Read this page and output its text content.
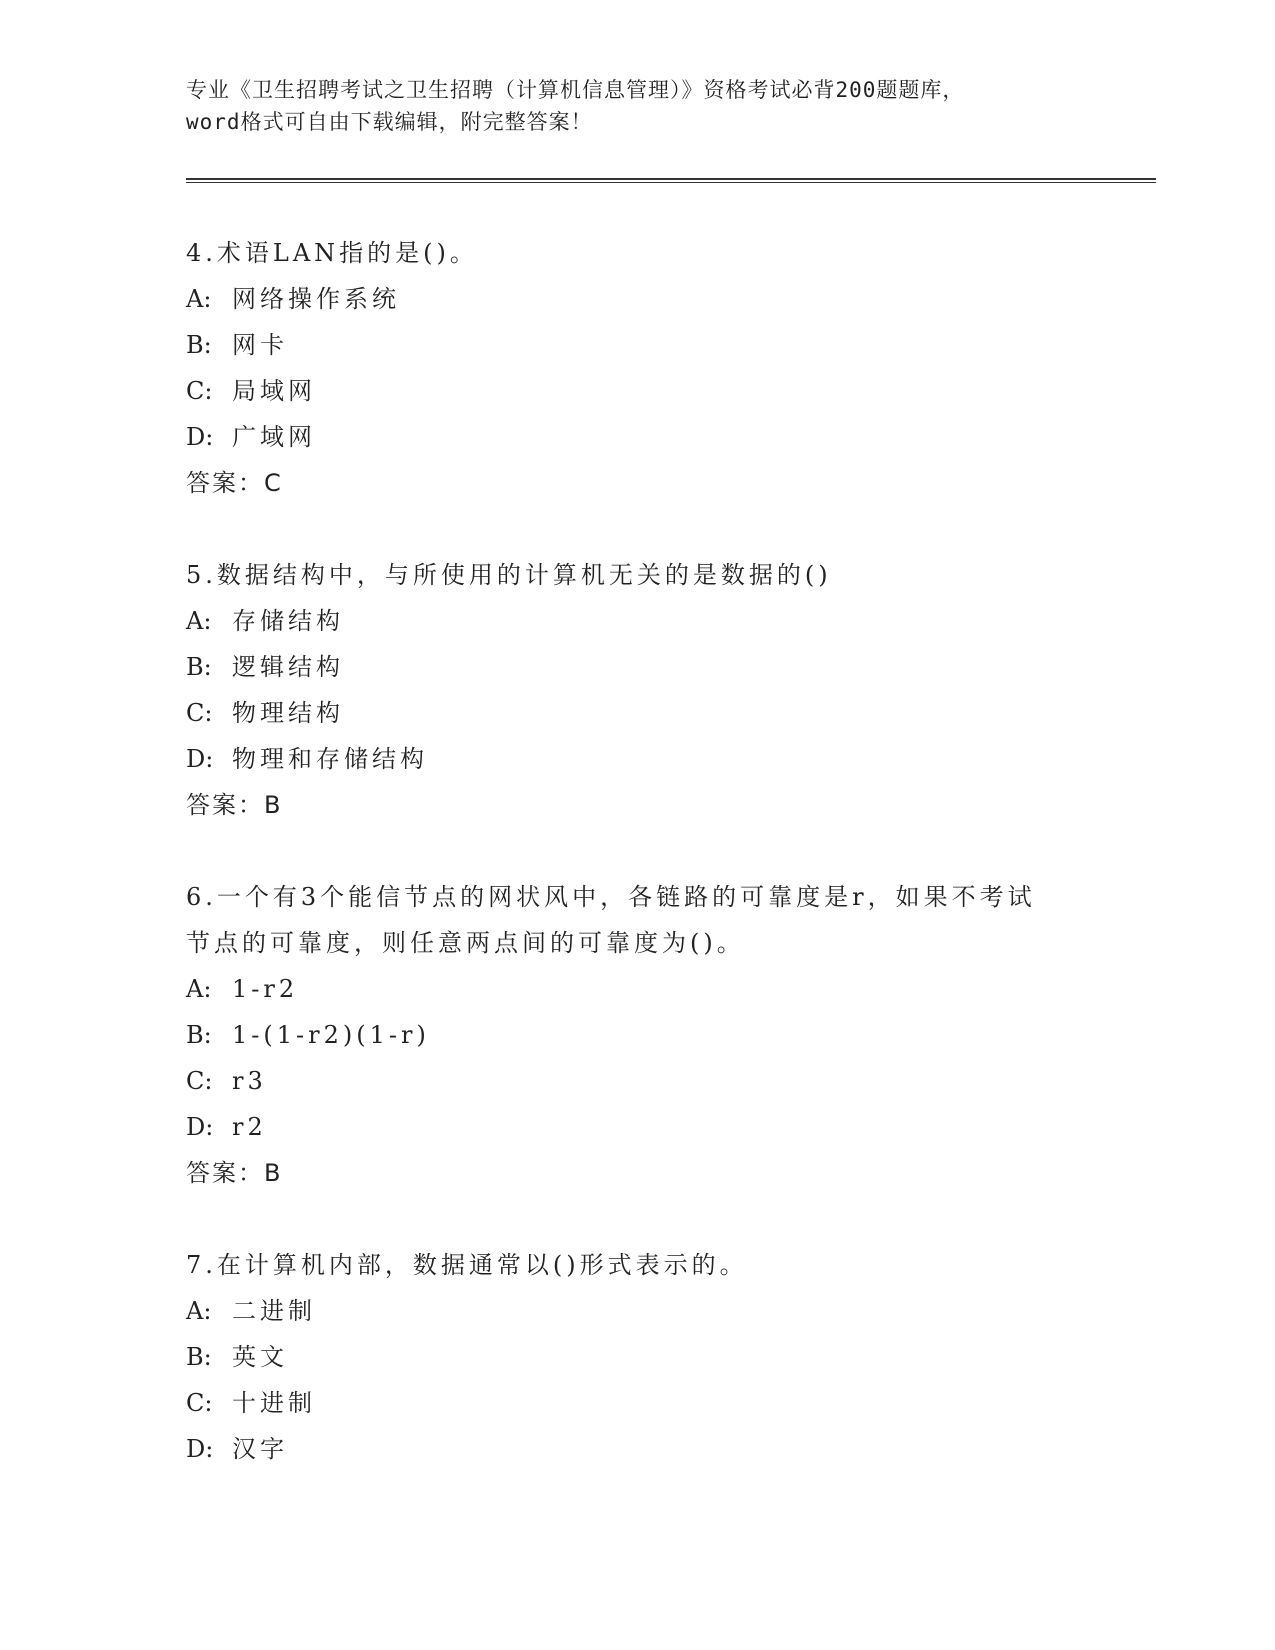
专业《卫生招聘考试之卫生招聘（计算机信息管理）》资格考试必背200题题库，
word格式可自由下载编辑，附完整答案！

4.术语LAN指的是()。

A: 网络操作系统

B: 网卡

C: 局域网

D: 广域网

答案：C

5.数据结构中，与所使用的计算机无关的是数据的()

A: 存储结构

B: 逻辑结构

C: 物理结构

D: 物理和存储结构

答案：B

6.一个有3个能信节点的网状风中，各链路的可靠度是r，如果不考试

节点的可靠度，则任意两点间的可靠度为()。

A: 1-r2

B: 1-(1-r2)(1-r)

C: r3

D: r2

答案：B

7.在计算机内部，数据通常以()形式表示的。

A: 二进制

B: 英文

C: 十进制

D: 汉字
